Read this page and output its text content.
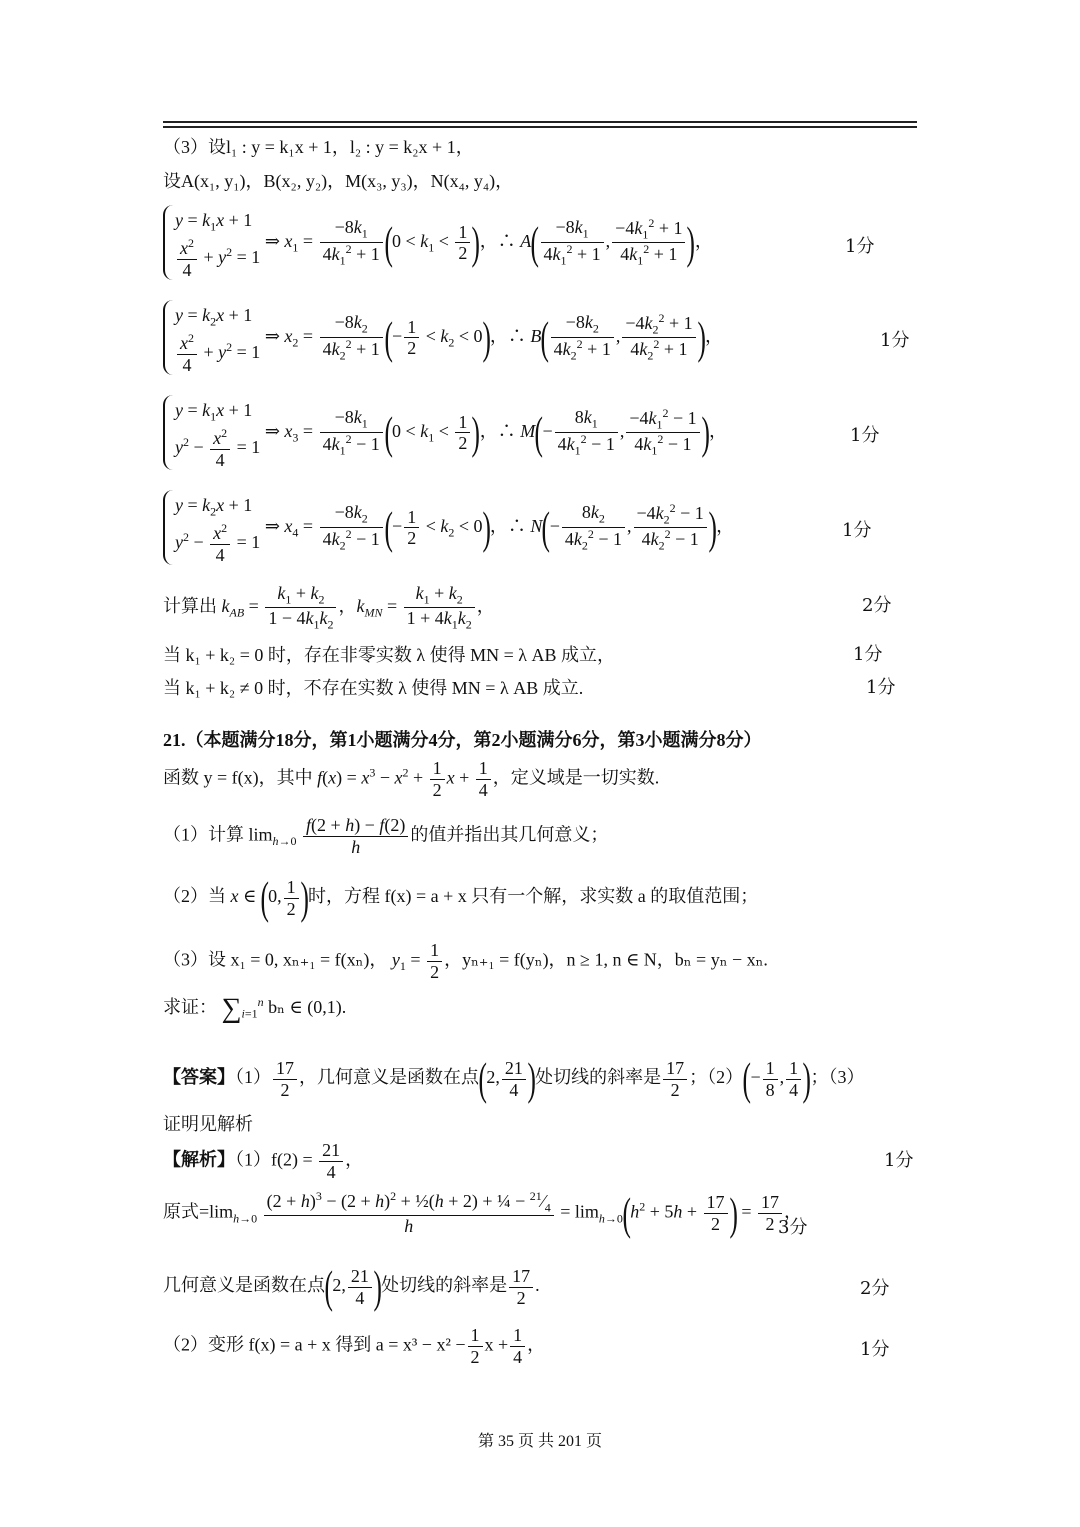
（3）设l₁ : y = k₁x + 1，l₂ : y = k₂x + 1，
设A(x₁, y₁)，B(x₂, y₂)，M(x₃, y₃)，N(x₄, y₄)，
$y = k_1x + 1$
$\frac{x^2}{4} + y^2 = 1$
⇒ $x_1 = \frac{-8k_1}{4k_1^2 + 1} (0 < k_1 < \frac{1}{2}$ )，∴ $A( \frac{-8k_1}{4k_1^2 + 1}$ , $\frac{-4k_1^2 + 1}{4k_1^2 + 1}$ )，	1分
$y = k_2x + 1$
$\frac{x^2}{4} + y^2 = 1$
⇒ $x_2 = \frac{-8k_2}{4k_2^2 + 1}$ (− $\frac{1}{2} < k_2 < 0$)，∴ $B( \frac{-8k_2}{4k_2^2 + 1}$ , $\frac{-4k_2^2 + 1}{4k_2^2 + 1}$ )，	1分
$y = k_1x + 1$
$y^2 - \frac{x^2}{4} = 1$
⇒ $x_3 = \frac{-8k_1}{4k_1^2 - 1} (0 < k_1 < \frac{1}{2}$ )，∴ $M(- \frac{8k_1}{4k_1^2 - 1}$ , $\frac{-4k_1^2 - 1}{4k_1^2 - 1}$ )，	1分
$y = k_2x + 1$
$y^2 - \frac{x^2}{4} = 1$
⇒ $x_4 = \frac{-8k_2}{4k_2^2 - 1}$ (− $\frac{1}{2} < k_2 < 0$)，∴ $N(- \frac{8k_2}{4k_2^2 - 1}$ , $\frac{-4k_2^2 - 1}{4k_2^2 - 1}$ )，	1分
计算出 $k_{AB} = \frac{k_1 + k_2}{1 - 4k_1k_2}$ ，$k_{MN} = \frac{k_1 + k_2}{1 + 4k_1k_2}$ ，	2分
当 k₁ + k₂ = 0 时，存在非零实数 λ 使得 MN = λ AB 成立，	1分
当 k₁ + k₂ ≠ 0 时，不存在实数 λ 使得 MN = λ AB 成立.	1分
21.（本题满分18分，第1小题满分4分，第2小题满分6分，第3小题满分8分）
函数 y = f(x)，其中 $f(x) = x^3 - x^2 + \frac{1}{2}$ $x + \frac{1}{4}$ ，定义域是一切实数.
（1）计算 $\lim_{h\to 0} \frac{f(2 + h) - f(2)}{h}$ 的值并指出其几何意义；
（2）当 x ∈ (0, $\frac{1}{2}$ )时，方程 f(x) = a + x 只有一个解，求实数 a 的取值范围；
（3）设 x₁ = 0, xₙ₊₁ = f(xₙ)， $y_1 = \frac{1}{2}$ ，yₙ₊₁ = f(yₙ)，n ≥ 1, n ∈ N，bₙ = yₙ − xₙ.
求证： $\sum_{i=1}^n$ bₙ ∈ (0,1).
【答案】$(1) \frac{17}{2}$ ，几何意义是函数在点(2, $\frac{21}{4}$ )处切线的斜率是 $\frac{17}{2}$ ；$(2)(- \frac{1}{8}$ , $\frac{1}{4}$ )；（3）
证明见解析
【解析】$(1)f(2) = \frac{21}{4}$ ，	1分
原式$=\lim_{h\to 0} \frac{(2 + h)^3 - (2 + h)^2 + \frac{1}{2}(h + 2) + \frac{1}{4} - ^{21}⁄_4}{h} = \lim_{h\to 0}(h^2 + 5h + \frac{17}{2}$ ) = $\frac{17}{2}$ ，
3分
几何意义是函数在点(2, $\frac{21}{4}$ )处切线的斜率是 $\frac{17}{2}$ .	2分
（2）变形 f(x) = a + x 得到 $a = x^3 - x^2 - \frac{1}{2}$ $x + \frac{1}{4}$ ，	1分
第 35 页 共 201 页
